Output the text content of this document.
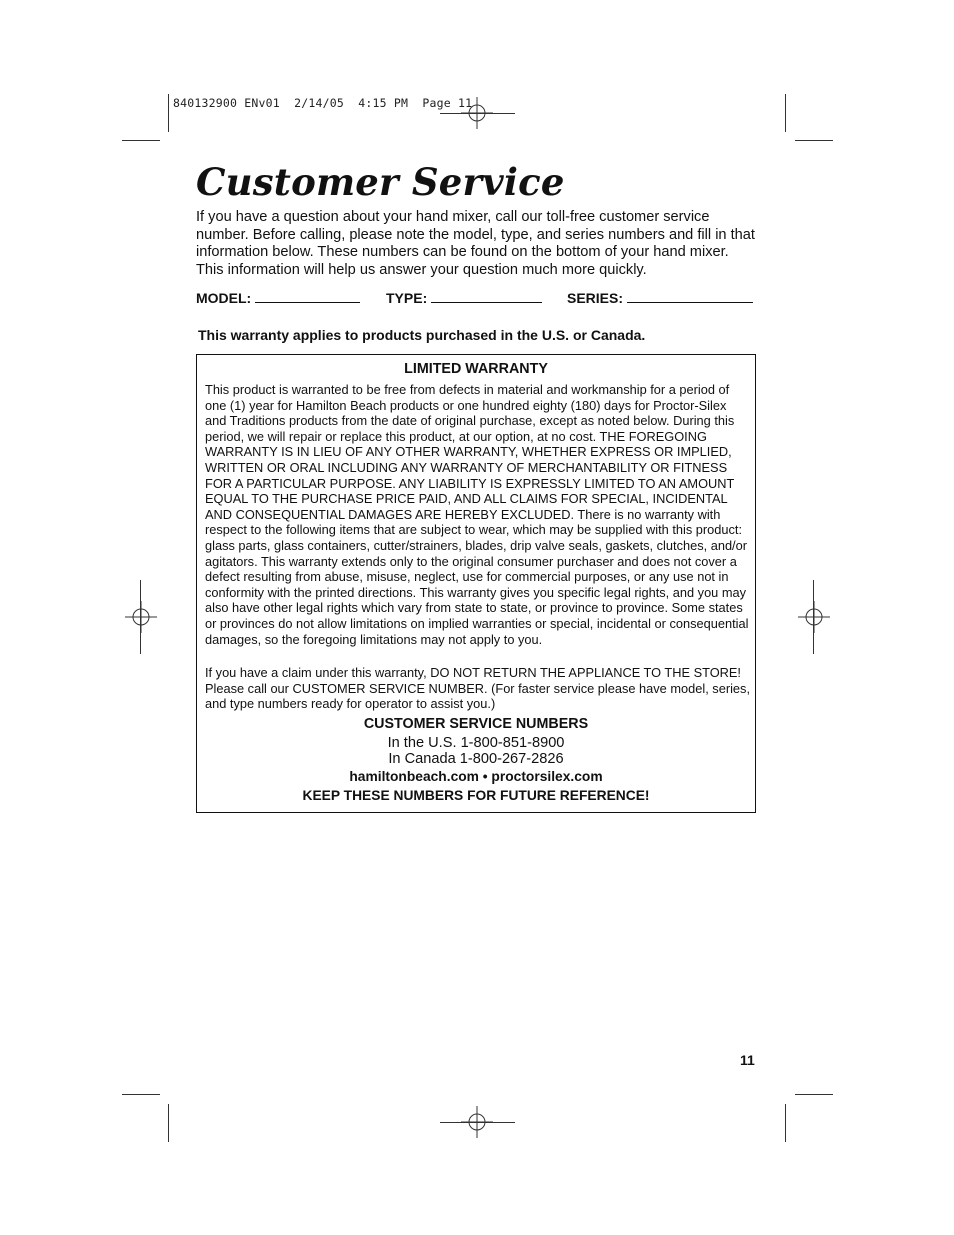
840132900 ENv01  2/14/05  4:15 PM  Page 11
Customer Service

If you have a question about your hand mixer, call our toll-free customer service number. Before calling, please note the model, type, and series numbers and fill in that information below. These numbers can be found on the bottom of your hand mixer. This information will help us answer your question much more quickly.

MODEL:	TYPE:	SERIES:

This warranty applies to products purchased in the U.S. or Canada.

LIMITED WARRANTY

This product is warranted to be free from defects in material and workmanship for a period of one (1) year for Hamilton Beach products or one hundred eighty (180) days for Proctor-Silex and Traditions products from the date of original purchase, except as noted below. During this period, we will repair or replace this product, at our option, at no cost. THE FOREGOING WARRANTY IS IN LIEU OF ANY OTHER WARRANTY, WHETHER EXPRESS OR IMPLIED, WRITTEN OR ORAL INCLUDING ANY WARRANTY OF MERCHANTABILITY OR FITNESS FOR A PARTICULAR PURPOSE. ANY LIABILITY IS EXPRESSLY LIMITED TO AN AMOUNT EQUAL TO THE PURCHASE PRICE PAID, AND ALL CLAIMS FOR SPECIAL, INCIDENTAL AND CONSEQUENTIAL DAMAGES ARE HEREBY EXCLUDED. There is no warranty with respect to the following items that are subject to wear, which may be supplied with this product: glass parts, glass containers, cutter/strainers, blades, drip valve seals, gaskets, clutches, and/or agitators. This warranty extends only to the original consumer purchaser and does not cover a defect resulting from abuse, misuse, neglect, use for commercial purposes, or any use not in conformity with the printed directions. This warranty gives you specific legal rights, and you may also have other legal rights which vary from state to state, or province to province. Some states or provinces do not allow limitations on implied warranties or special, incidental or consequential damages, so the foregoing limitations may not apply to you.

If you have a claim under this warranty, DO NOT RETURN THE APPLIANCE TO THE STORE! Please call our CUSTOMER SERVICE NUMBER. (For faster service please have model, series, and type numbers ready for operator to assist you.)

CUSTOMER SERVICE NUMBERS

In the U.S. 1-800-851-8900

In Canada 1-800-267-2826

hamiltonbeach.com • proctorsilex.com

KEEP THESE NUMBERS FOR FUTURE REFERENCE!

11
